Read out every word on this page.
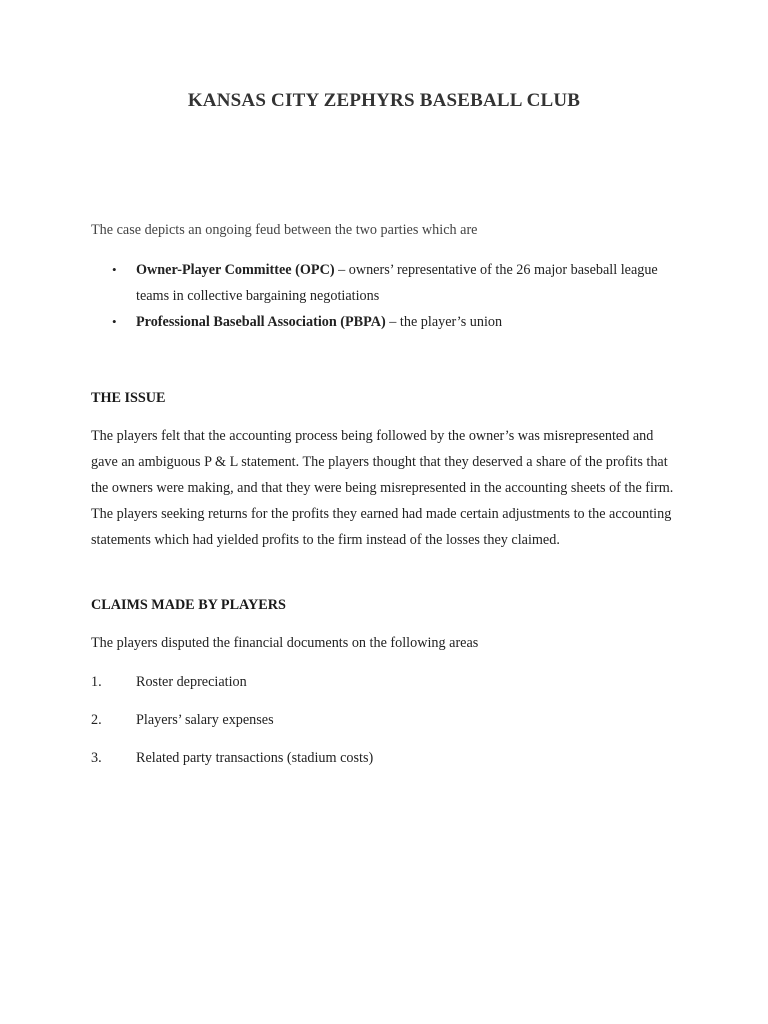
KANSAS CITY ZEPHYRS BASEBALL CLUB

The case depicts an ongoing feud between the two parties which are

• Owner-Player Committee (OPC) – owners’ representative of the 26 major baseball league teams in collective bargaining negotiations
• Professional Baseball Association (PBPA) – the player’s union
THE ISSUE

The players felt that the accounting process being followed by the owner’s was misrepresented and gave an ambiguous P & L statement. The players thought that they deserved a share of the profits that the owners were making, and that they were being misrepresented in the accounting sheets of the firm. The players seeking returns for the profits they earned had made certain adjustments to the accounting statements which had yielded profits to the firm instead of the losses they claimed.

CLAIMS MADE BY PLAYERS

The players disputed the financial documents on the following areas

1.	Roster depreciation
2.	Players’ salary expenses
3.	Related party transactions (stadium costs)
